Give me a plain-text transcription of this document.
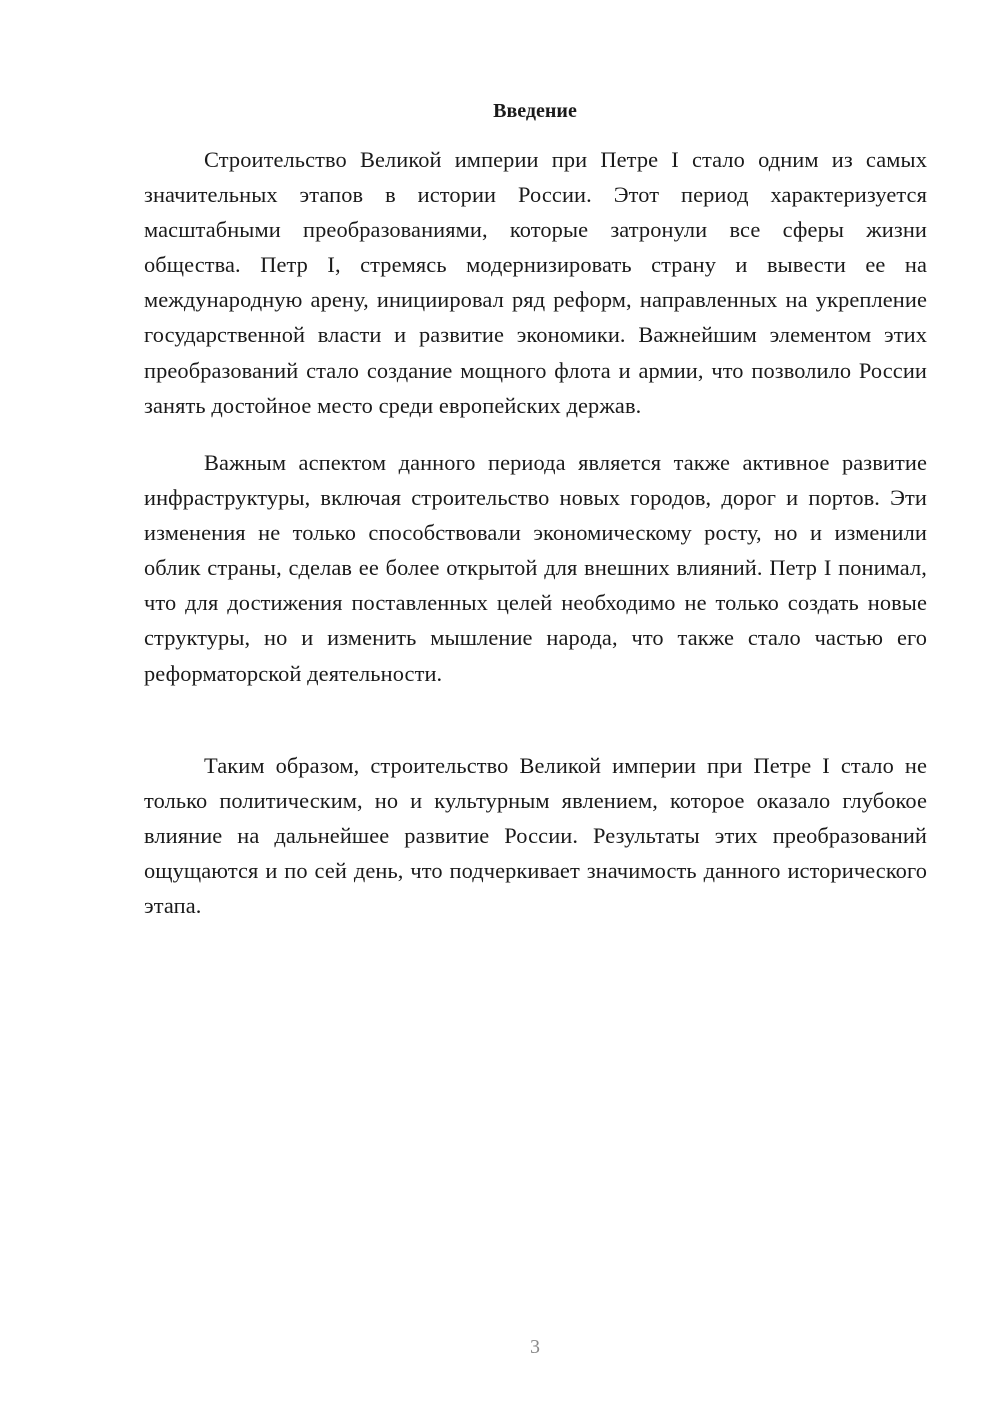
Введение

Строительство Великой империи при Петре I стало одним из самых значительных этапов в истории России. Этот период характеризуется масштабными преобразованиями, которые затронули все сферы жизни общества. Петр I, стремясь модернизировать страну и вывести ее на международную арену, инициировал ряд реформ, направленных на укрепление государственной власти и развитие экономики. Важнейшим элементом этих преобразований стало создание мощного флота и армии, что позволило России занять достойное место среди европейских держав.

Важным аспектом данного периода является также активное развитие инфраструктуры, включая строительство новых городов, дорог и портов. Эти изменения не только способствовали экономическому росту, но и изменили облик страны, сделав ее более открытой для внешних влияний. Петр I понимал, что для достижения поставленных целей необходимо не только создать новые структуры, но и изменить мышление народа, что также стало частью его реформаторской деятельности.

Таким образом, строительство Великой империи при Петре I стало не только политическим, но и культурным явлением, которое оказало глубокое влияние на дальнейшее развитие России. Результаты этих преобразований ощущаются и по сей день, что подчеркивает значимость данного исторического этапа.

3
